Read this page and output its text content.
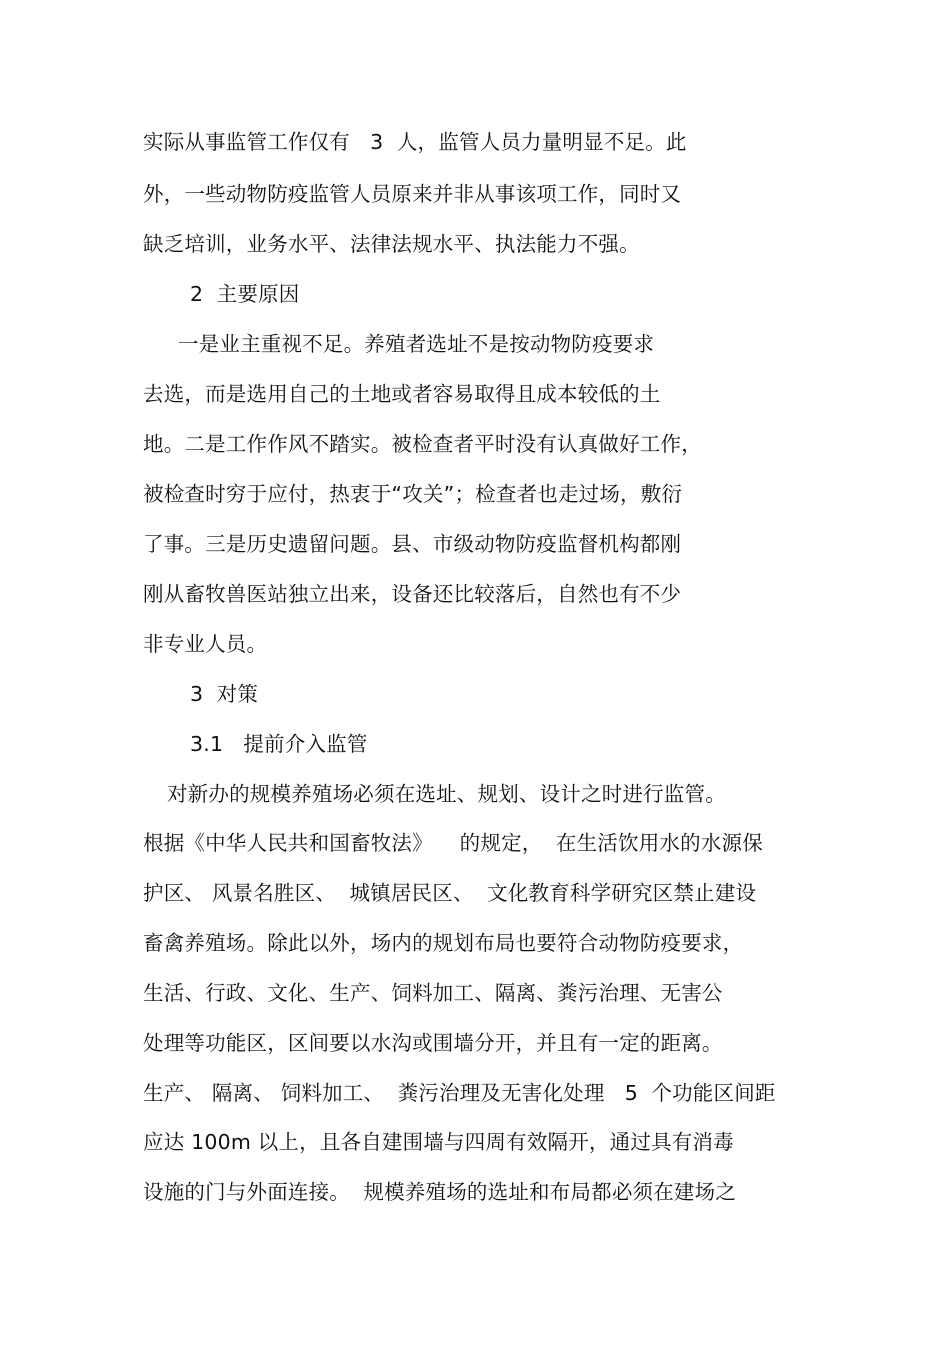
实际从事监管工作仅有   3  人，监管人员力量明显不足。此
外，一些动物防疫监管人员原来并非从事该项工作，同时又
缺乏培训，业务水平、法律法规水平、执法能力不强。
2  主要原因
一是业主重视不足。养殖者选址不是按动物防疫要求
去选，而是选用自己的土地或者容易取得且成本较低的土
地。二是工作作风不踏实。被检查者平时没有认真做好工作，
被检查时穷于应付，热衷于“攻关”；检查者也走过场，敷衍
了事。三是历史遗留问题。县、市级动物防疫监督机构都刚
刚从畜牧兽医站独立出来，设备还比较落后，自然也有不少
非专业人员。
3  对策
3.1   提前介入监管
对新办的规模养殖场必须在选址、规划、设计之时进行监管。
根据《中华人民共和国畜牧法》    的规定，  在生活饮用水的水源保
护区、 风景名胜区、  城镇居民区、  文化教育科学研究区禁止建设
畜禽养殖场。除此以外，场内的规划布局也要符合动物防疫要求，
生活、行政、文化、生产、饲料加工、隔离、粪污治理、无害公
处理等功能区，区间要以水沟或围墙分开，并且有一定的距离。
生产、 隔离、 饲料加工、  粪污治理及无害化处理   5  个功能区间距
应达 100m 以上，且各自建围墙与四周有效隔开，通过具有消毒
设施的门与外面连接。  规模养殖场的选址和布局都必须在建场之
